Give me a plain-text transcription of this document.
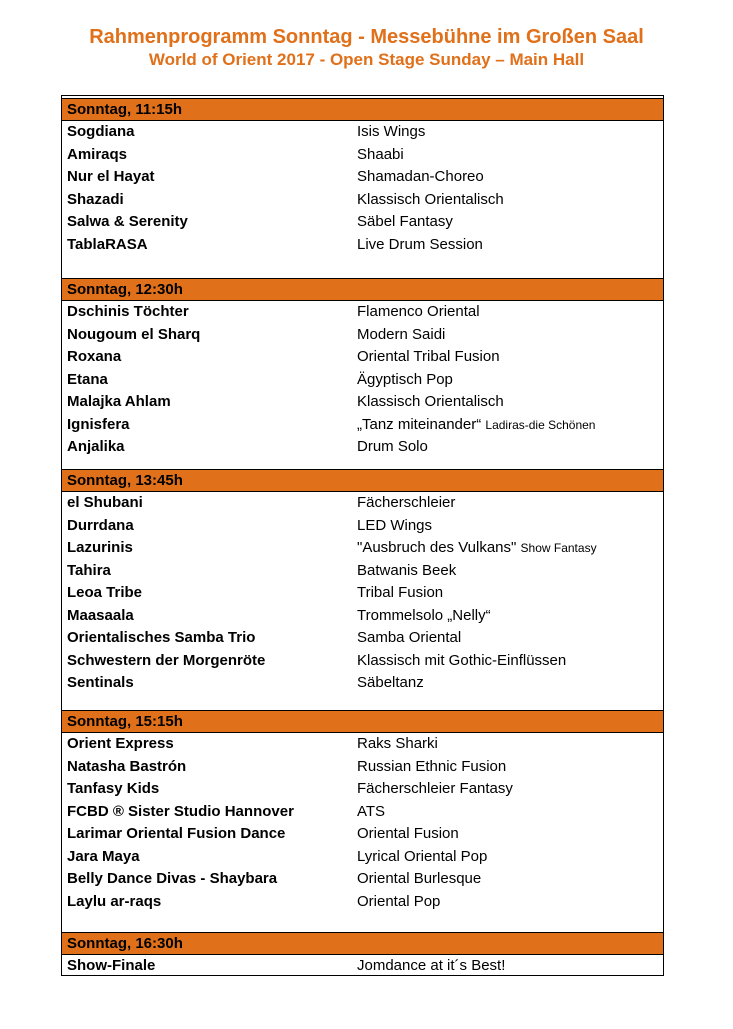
Rahmenprogramm Sonntag - Messebühne im Großen Saal
World of Orient 2017 - Open Stage Sunday – Main Hall
Sonntag, 11:15h
Sogdiana	Isis Wings
Amiraqs	Shaabi
Nur el Hayat	Shamadan-Choreo
Shazadi	Klassisch Orientalisch
Salwa & Serenity	Säbel Fantasy
TablaRASA	Live Drum Session
Sonntag, 12:30h
Dschinis Töchter	Flamenco Oriental
Nougoum el Sharq	Modern Saidi
Roxana	Oriental Tribal Fusion
Etana	Ägyptisch Pop
Malajka Ahlam	Klassisch Orientalisch
Ignisfera	„Tanz miteinander“ Ladiras-die Schönen
Anjalika	Drum Solo
Sonntag, 13:45h
el Shubani	Fächerschleier
Durrdana	LED Wings
Lazurinis	"Ausbruch des Vulkans" Show Fantasy
Tahira	Batwanis Beek
Leoa Tribe	Tribal Fusion
Maasaala	Trommelsolo „Nelly“
Orientalisches Samba Trio	Samba Oriental
Schwestern der Morgenröte	Klassisch mit Gothic-Einflüssen
Sentinals	Säbeltanz
Sonntag, 15:15h
Orient Express	Raks Sharki
Natasha Bastrón	Russian Ethnic Fusion
Tanfasy Kids	Fächerschleier Fantasy
FCBD ® Sister Studio Hannover	ATS
Larimar Oriental Fusion Dance	Oriental Fusion
Jara Maya	Lyrical Oriental Pop
Belly Dance Divas - Shaybara	Oriental Burlesque
Laylu ar-raqs	Oriental Pop
Sonntag, 16:30h
Show-Finale	Jomdance at it´s Best!
